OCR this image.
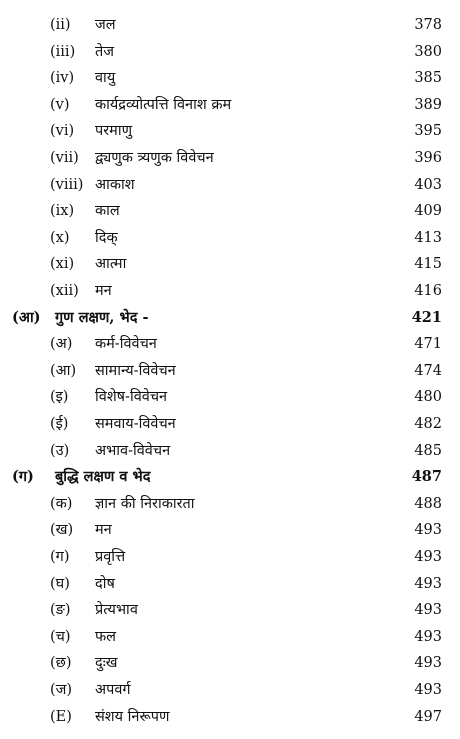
(ii) जल	378
(iii) तेज	380
(iv) वायु	385
(v) कार्यद्रव्योत्पत्ति विनाश क्रम	389
(vi) परमाणु	395
(vii) द्व्यणुक त्र्यणुक विवेचन	396
(viii) आकाश	403
(ix) काल	409
(x) दिक्	413
(xi) आत्मा	415
(xii) मन	416
(आ) गुण लक्षण, भेद -	421
(अ) कर्म-विवेचन	471
(आ) सामान्य-विवेचन	474
(इ) विशेष-विवेचन	480
(ई) समवाय-विवेचन	482
(उ) अभाव-विवेचन	485
(ग) बुद्धि लक्षण व भेद	487
(क) ज्ञान की निराकारता	488
(ख) मन	493
(ग) प्रवृत्ति	493
(घ) दोष	493
(ङ) प्रेत्यभाव	493
(च) फल	493
(छ) दुःख	493
(ज) अपवर्ग	493
(E) संशय निरूपण	497
